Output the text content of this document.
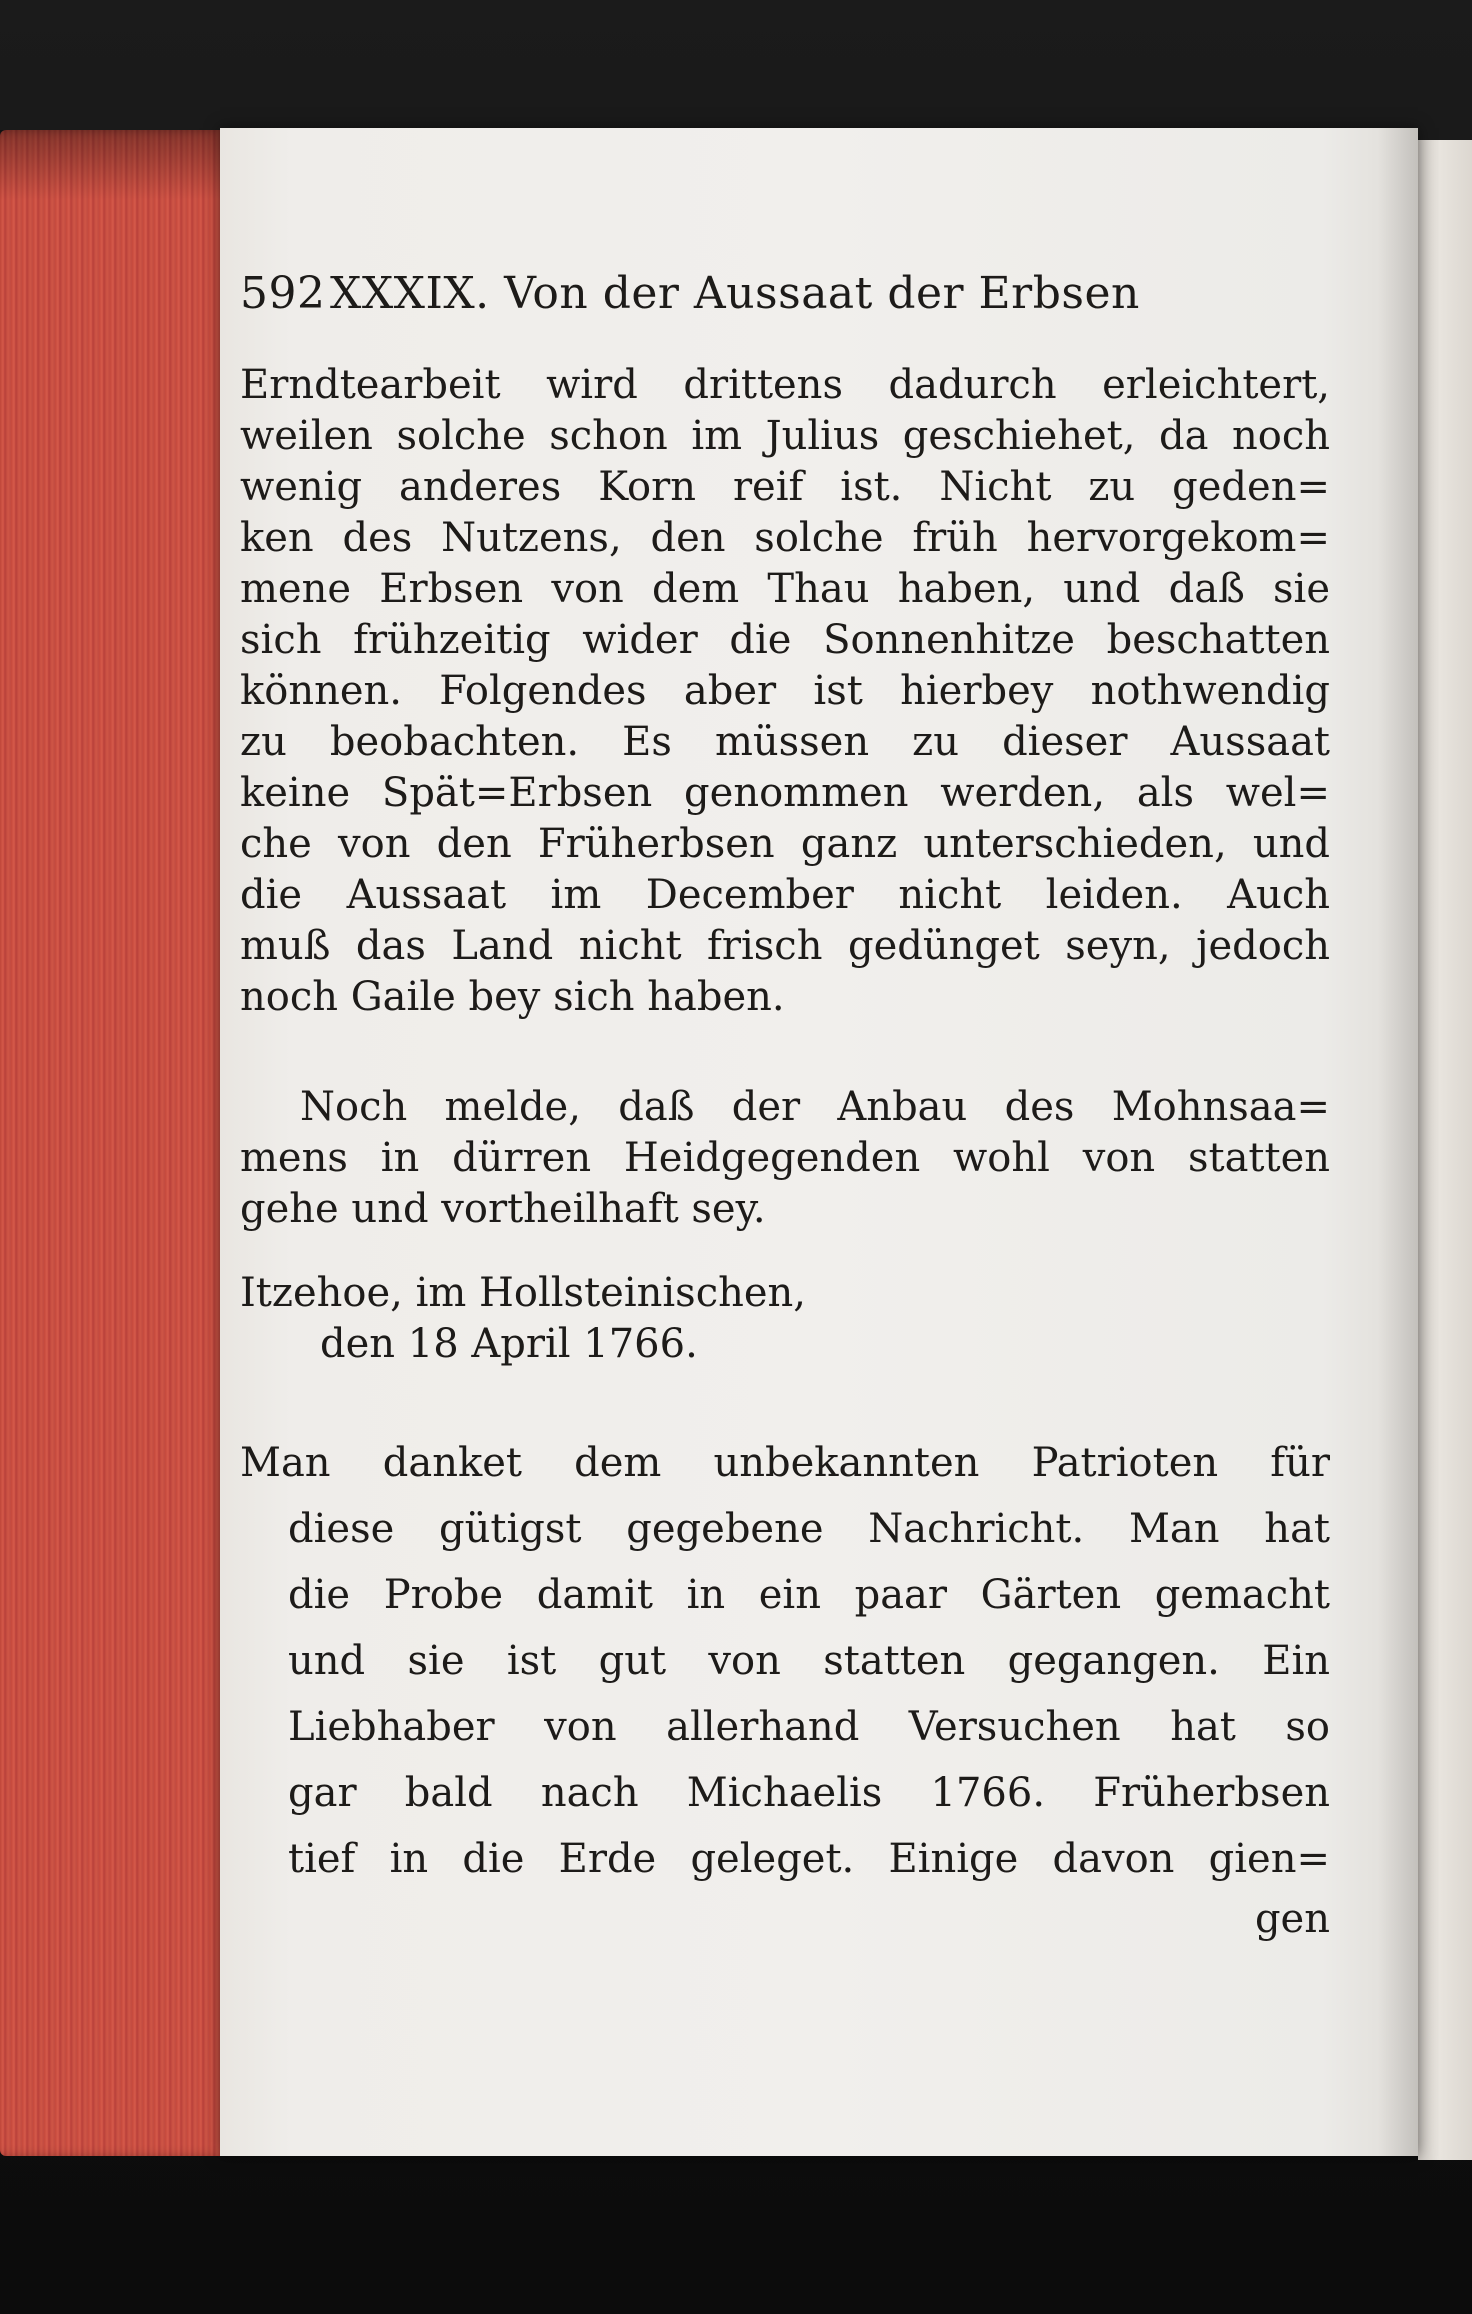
592 XXXIX. Von der Aussaat der Erbsen
Erndtearbeit wird drittens dadurch erleichtert,
weilen solche schon im Julius geschiehet, da noch
wenig anderes Korn reif ist. Nicht zu geden=
ken des Nutzens, den solche früh hervorgekom=
mene Erbsen von dem Thau haben, und daß sie
sich frühzeitig wider die Sonnenhitze beschatten
können. Folgendes aber ist hierbey nothwendig
zu beobachten. Es müssen zu dieser Aussaat
keine Spät=Erbsen genommen werden, als wel=
che von den Früherbsen ganz unterschieden, und
die Aussaat im December nicht leiden. Auch
muß das Land nicht frisch gedünget seyn, jedoch
noch Gaile bey sich haben.
Noch melde, daß der Anbau des Mohnsaa=
mens in dürren Heidgegenden wohl von statten
gehe und vortheilhaft sey.
Itzehoe, im Hollsteinischen,
den 18 April 1766.
Man danket dem unbekannten Patrioten für
diese gütigst gegebene Nachricht. Man hat
die Probe damit in ein paar Gärten gemacht
und sie ist gut von statten gegangen. Ein
Liebhaber von allerhand Versuchen hat so
gar bald nach Michaelis 1766. Früherbsen
tief in die Erde geleget. Einige davon gien=
gen
